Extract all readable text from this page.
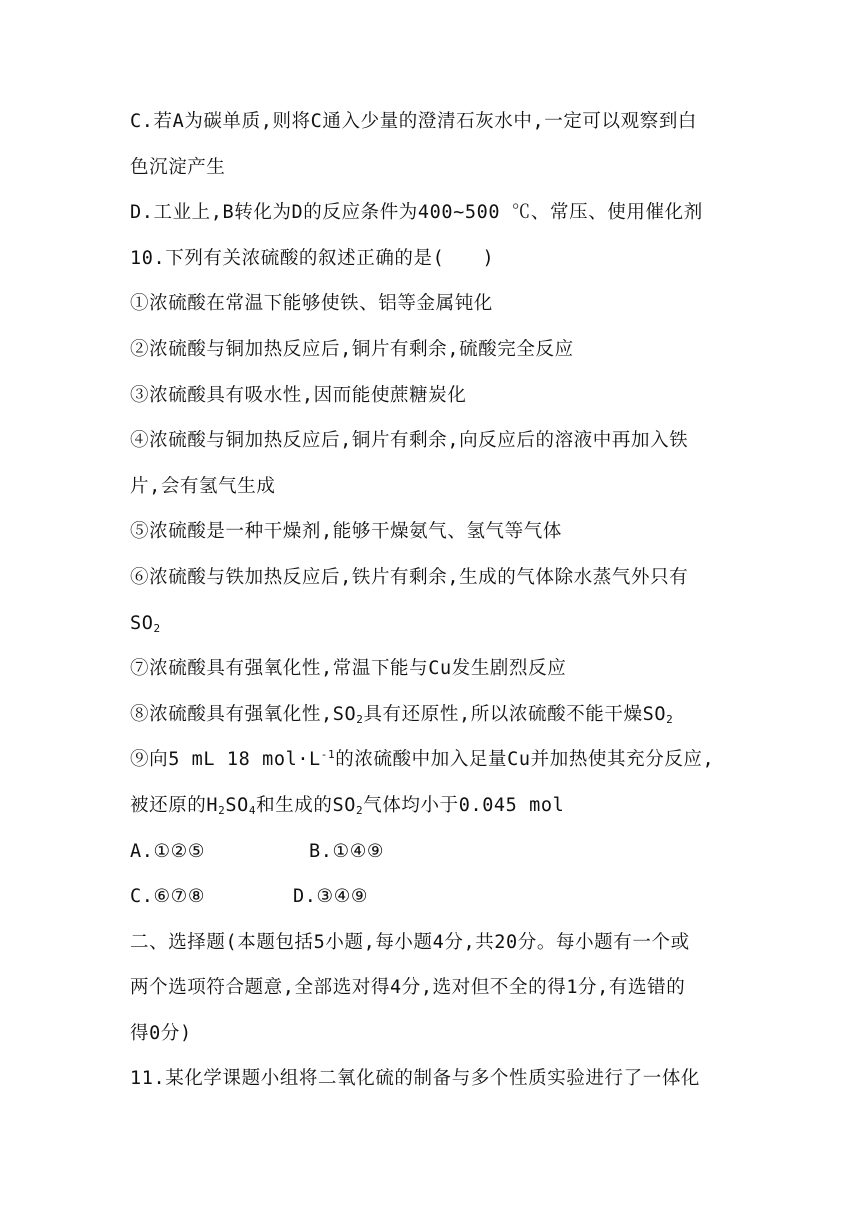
C.若A为碳单质,则将C通入少量的澄清石灰水中,一定可以观察到白
色沉淀产生
D.工业上,B转化为D的反应条件为400~500 ℃、常压、使用催化剂
10.下列有关浓硫酸的叙述正确的是(　　)
①浓硫酸在常温下能够使铁、铝等金属钝化
②浓硫酸与铜加热反应后,铜片有剩余,硫酸完全反应
③浓硫酸具有吸水性,因而能使蔗糖炭化
④浓硫酸与铜加热反应后,铜片有剩余,向反应后的溶液中再加入铁
片,会有氢气生成
⑤浓硫酸是一种干燥剂,能够干燥氨气、氢气等气体
⑥浓硫酸与铁加热反应后,铁片有剩余,生成的气体除水蒸气外只有
$SO_2$
⑦浓硫酸具有强氧化性,常温下能与Cu发生剧烈反应
⑧浓硫酸具有强氧化性$,SO_2$具有还原性,所以浓硫酸不能干燥$SO_2$
⑨向5 mL 18 $mol\cdot L^{-1}$的浓硫酸中加入足量Cu并加热使其充分反应,
被还原的$H_2SO_4$和生成的$SO_2$气体均小于0.045 mol
A.①②⑤	B.①④⑨
C.⑥⑦⑧	D.③④⑨
二、选择题(本题包括5小题,每小题4分,共20分。每小题有一个或
两个选项符合题意,全部选对得4分,选对但不全的得1分,有选错的
得0分)
11.某化学课题小组将二氧化硫的制备与多个性质实验进行了一体化
